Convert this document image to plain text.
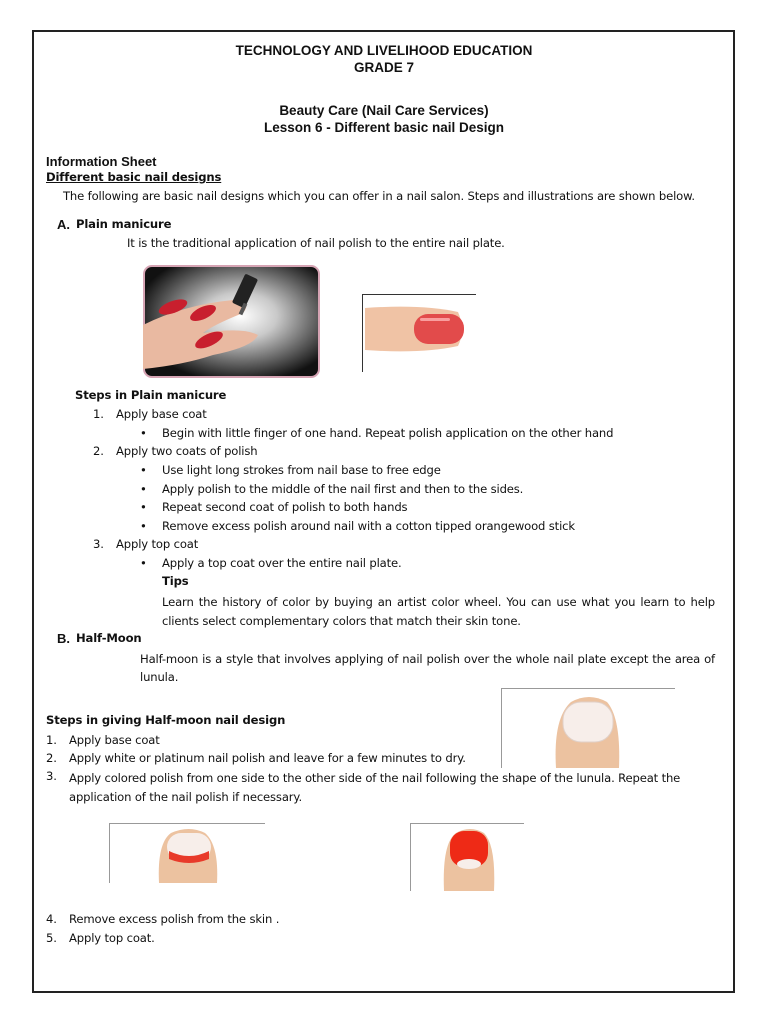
TECHNOLOGY AND LIVELIHOOD EDUCATION
GRADE 7
Beauty Care (Nail Care Services)
Lesson 6 - Different basic nail Design
Information Sheet
Different basic nail designs
The following are basic nail designs which you can offer in a nail salon. Steps and illustrations are shown below.
A. Plain manicure
It is the traditional application of nail polish to the entire nail plate.
Steps in Plain manicure
1. Apply base coat
• Begin with little finger of one hand. Repeat polish application on the other hand
2. Apply two coats of polish
• Use light long strokes from nail base to free edge
• Apply polish to the middle of the nail first and then to the sides.
• Repeat second coat of polish to both hands
• Remove excess polish around nail with a cotton tipped orangewood stick
3. Apply top coat
• Apply a top coat over the entire nail plate.
Tips
Learn the history of color by buying an artist color wheel. You can use what you learn to help clients select complementary colors that match their skin tone.
B. Half-Moon
Half-moon is a style that involves applying of nail polish over the whole nail plate except the area of lunula.
Steps in giving Half-moon nail design
1. Apply base coat
2. Apply white or platinum nail polish and leave for a few minutes to dry.
3. Apply colored polish from one side to the other side of the nail following the shape of the lunula. Repeat the application of the nail polish if necessary.
4. Remove excess polish from the skin .
5. Apply top coat.
